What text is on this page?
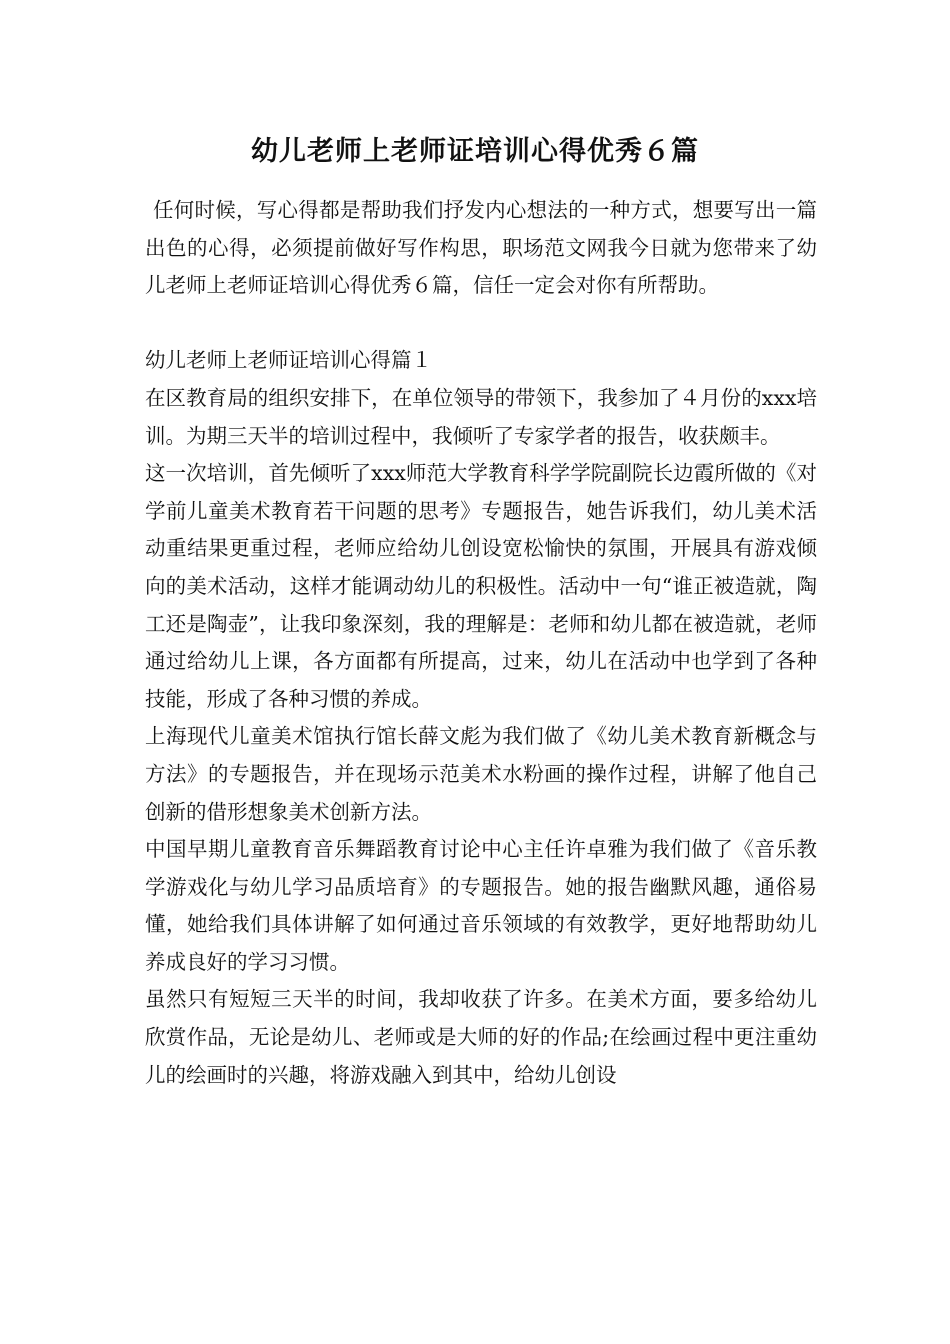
幼儿老师上老师证培训心得优秀６篇

任何时候，写心得都是帮助我们抒发内心想法的一种方式，想要写出一篇出色的心得，必须提前做好写作构思，职场范文网我今日就为您带来了幼儿老师上老师证培训心得优秀６篇，信任一定会对你有所帮助。

幼儿老师上老师证培训心得篇１

在区教育局的组织安排下，在单位领导的带领下，我参加了４月份的xxx培训。为期三天半的培训过程中，我倾听了专家学者的报告，收获颇丰。

这一次培训，首先倾听了xxx师范大学教育科学学院副院长边霞所做的《对学前儿童美术教育若干问题的思考》专题报告，她告诉我们，幼儿美术活动重结果更重过程，老师应给幼儿创设宽松愉快的氛围，开展具有游戏倾向的美术活动，这样才能调动幼儿的积极性。活动中一句“谁正被造就，陶工还是陶壶”，让我印象深刻，我的理解是：老师和幼儿都在被造就，老师通过给幼儿上课，各方面都有所提高，过来，幼儿在活动中也学到了各种技能，形成了各种习惯的养成。

上海现代儿童美术馆执行馆长薛文彪为我们做了《幼儿美术教育新概念与方法》的专题报告，并在现场示范美术水粉画的操作过程，讲解了他自己创新的借形想象美术创新方法。

中国早期儿童教育音乐舞蹈教育讨论中心主任许卓雅为我们做了《音乐教学游戏化与幼儿学习品质培育》的专题报告。她的报告幽默风趣，通俗易懂，她给我们具体讲解了如何通过音乐领域的有效教学，更好地帮助幼儿养成良好的学习习惯。

虽然只有短短三天半的时间，我却收获了许多。在美术方面，要多给幼儿欣赏作品，无论是幼儿、老师或是大师的好的作品;在绘画过程中更注重幼儿的绘画时的兴趣，将游戏融入到其中，给幼儿创设
